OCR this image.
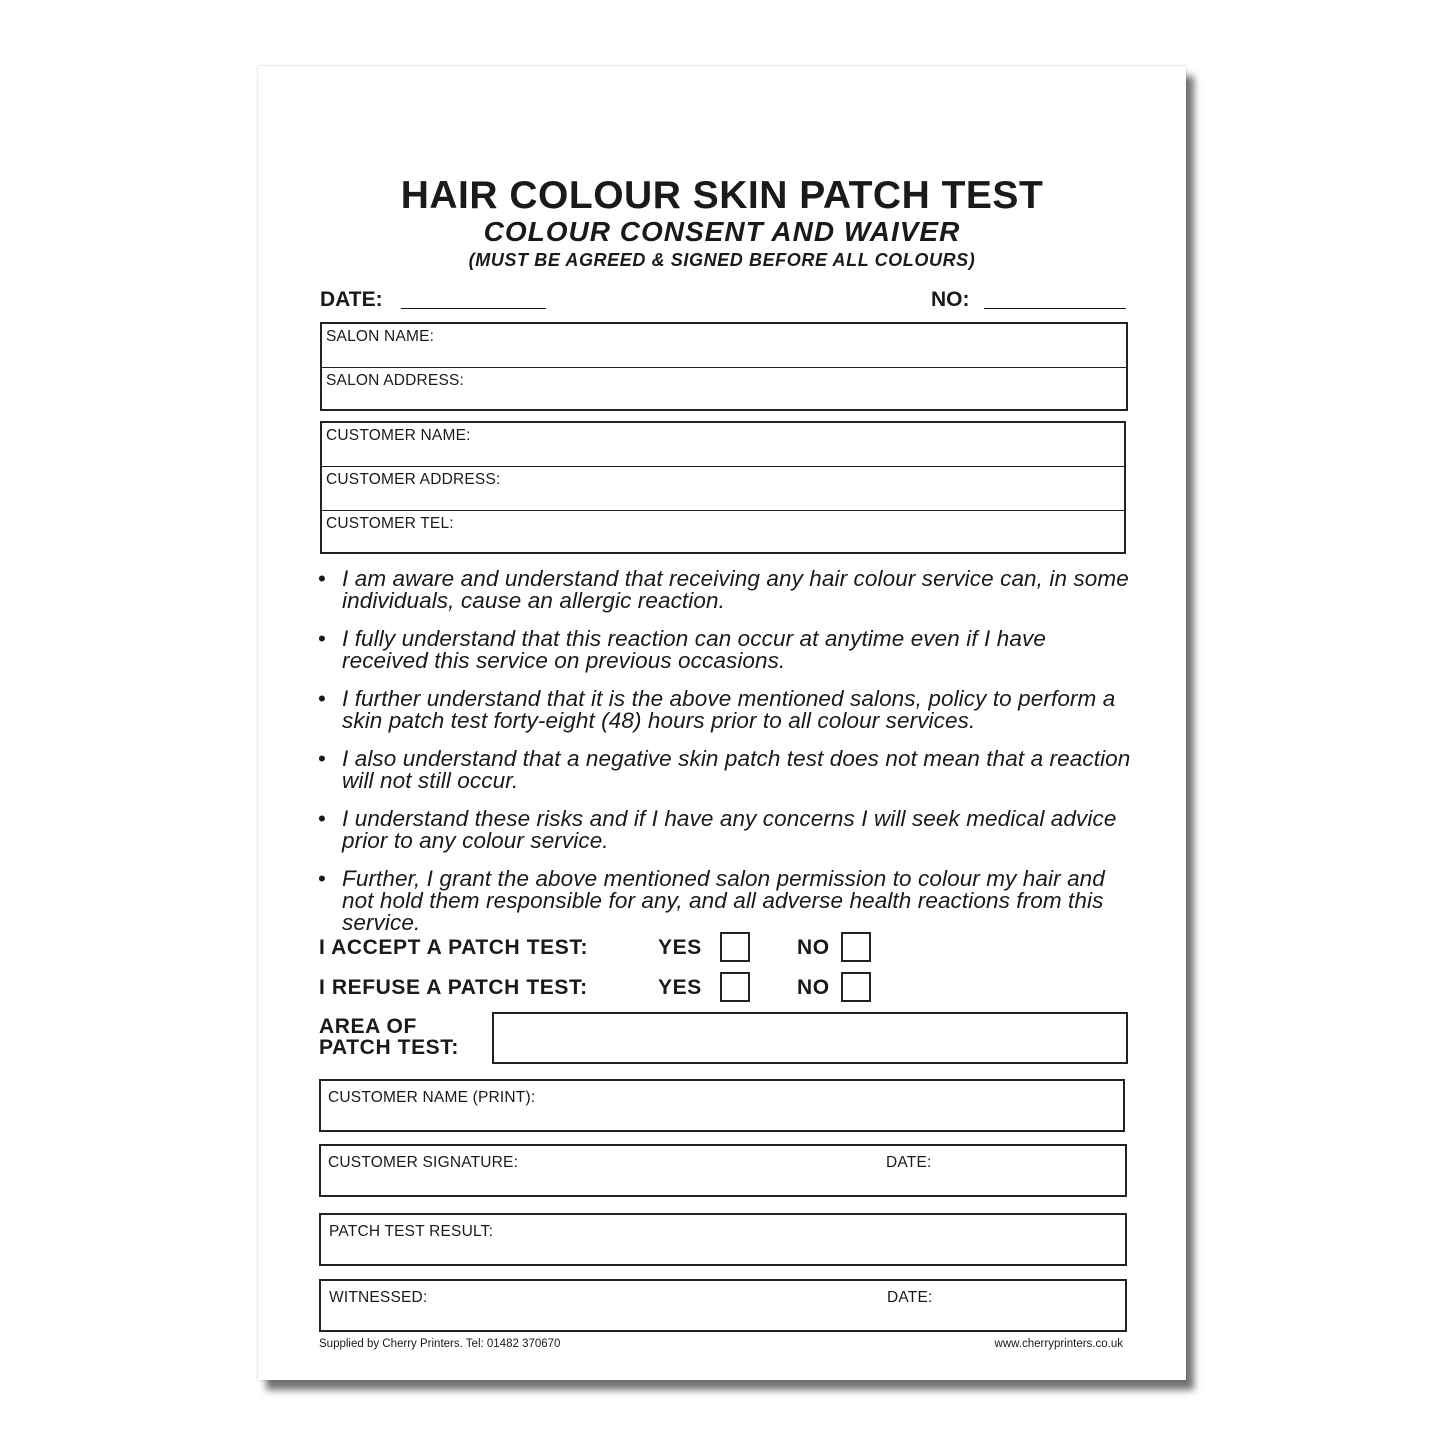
HAIR COLOUR SKIN PATCH TEST
COLOUR CONSENT AND WAIVER
(MUST BE AGREED & SIGNED BEFORE ALL COLOURS)
DATE:	NO:
SALON NAME:
SALON ADDRESS:
CUSTOMER NAME:
CUSTOMER ADDRESS:
CUSTOMER TEL:
• I am aware and understand that receiving any hair colour service can, in some individuals, cause an allergic reaction.
• I fully understand that this reaction can occur at anytime even if I have received this service on previous occasions.
• I further understand that it is the above mentioned salons, policy to perform a skin patch test forty-eight (48) hours prior to all colour services.
• I also understand that a negative skin patch test does not mean that a reaction will not still occur.
• I understand these risks and if I have any concerns I will seek medical advice prior to any colour service.
• Further, I grant the above mentioned salon permission to colour my hair and not hold them responsible for any, and all adverse health reactions from this service.
I ACCEPT A PATCH TEST:	YES	NO
I REFUSE A PATCH TEST:	YES	NO
AREA OF
PATCH TEST:
CUSTOMER NAME (PRINT):
CUSTOMER SIGNATURE:	DATE:
PATCH TEST RESULT:
WITNESSED:	DATE:
Supplied by Cherry Printers. Tel: 01482 370670	www.cherryprinters.co.uk
